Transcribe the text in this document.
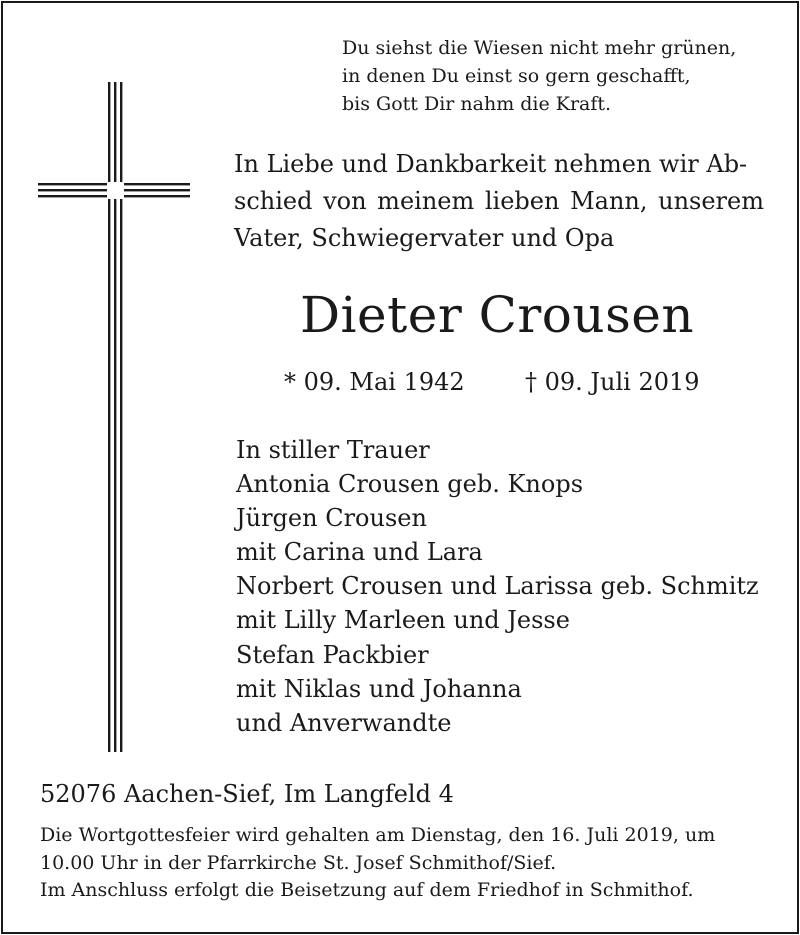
Du siehst die Wiesen nicht mehr grünen,
in denen Du einst so gern geschafft,
bis Gott Dir nahm die Kraft.
In Liebe und Dankbarkeit nehmen wir Ab-
schied von meinem lieben Mann, unserem
Vater, Schwiegervater und Opa
Dieter Crousen
* 09. Mai 1942	† 09. Juli 2019
In stiller Trauer
Antonia Crousen geb. Knops
Jürgen Crousen
mit Carina und Lara
Norbert Crousen und Larissa geb. Schmitz
mit Lilly Marleen und Jesse
Stefan Packbier
mit Niklas und Johanna
und Anverwandte
52076 Aachen-Sief, Im Langfeld 4
Die Wortgottesfeier wird gehalten am Dienstag, den 16. Juli 2019, um
10.00 Uhr in der Pfarrkirche St. Josef Schmithof/Sief.
Im Anschluss erfolgt die Beisetzung auf dem Friedhof in Schmithof.
